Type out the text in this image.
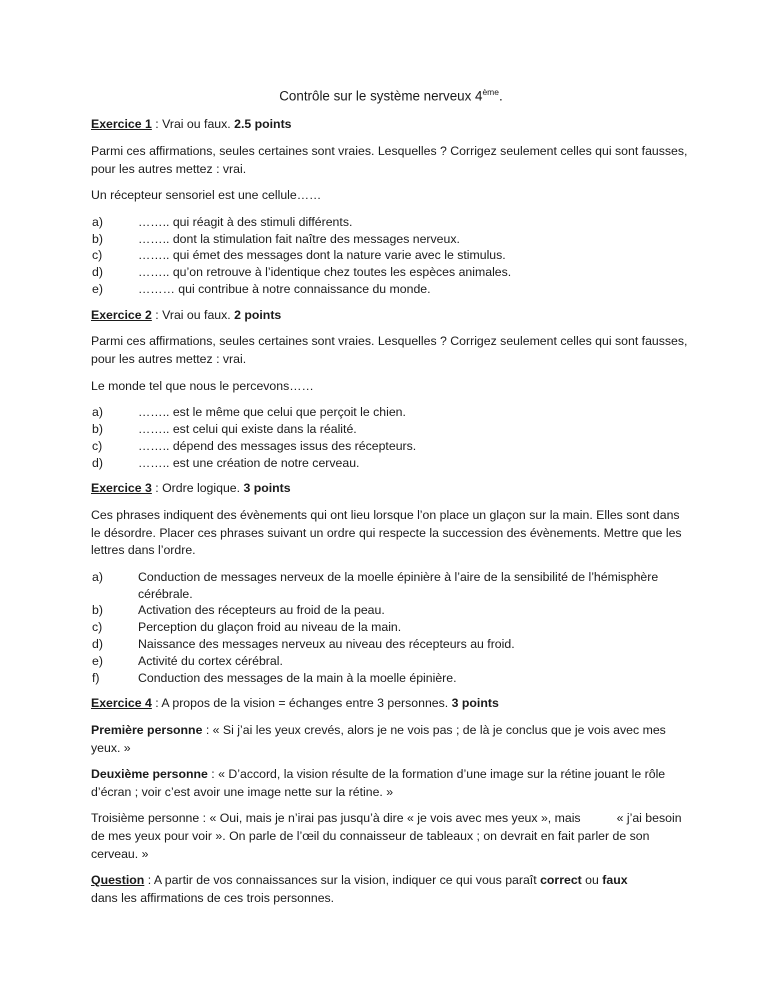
Contrôle sur le système nerveux 4ème.

Exercice 1 : Vrai ou faux. 2.5 points

Parmi ces affirmations, seules certaines sont vraies. Lesquelles ? Corrigez seulement celles qui sont fausses, pour les autres mettez : vrai.

Un récepteur sensoriel est une cellule……

a)	…….. qui réagit à des stimuli différents.
b)	…….. dont la stimulation fait naître des messages nerveux.
c)	…….. qui émet des messages dont la nature varie avec le stimulus.
d)	…….. qu’on retrouve à l’identique chez toutes les espèces animales.
e)	……… qui contribue à notre connaissance du monde.

Exercice 2 : Vrai ou faux. 2 points

Parmi ces affirmations, seules certaines sont vraies. Lesquelles ? Corrigez seulement celles qui sont fausses, pour les autres mettez : vrai.

Le monde tel que nous le percevons……

a)	…….. est le même que celui que perçoit le chien.
b)	…….. est celui qui existe dans la réalité.
c)	…….. dépend des messages issus des récepteurs.
d)	…….. est une création de notre cerveau.

Exercice 3 : Ordre logique. 3 points

Ces phrases indiquent des évènements qui ont lieu lorsque l’on place un glaçon sur la main. Elles sont dans le désordre. Placer ces phrases suivant un ordre qui respecte la succession des évènements. Mettre que les lettres dans l’ordre.

a)	Conduction de messages nerveux de la moelle épinière à l’aire de la sensibilité de l’hémisphère cérébrale.
b)	Activation des récepteurs au froid de la peau.
c)	Perception du glaçon froid au niveau de la main.
d)	Naissance des messages nerveux au niveau des récepteurs au froid.
e)	Activité du cortex cérébral.
f)	Conduction des messages de la main à la moelle épinière.

Exercice 4 : A propos de la vision = échanges entre 3 personnes. 3 points

Première personne : « Si j’ai les yeux crevés, alors je ne vois pas ; de là je conclus que je vois avec mes yeux. »

Deuxième personne : « D’accord, la vision résulte de la formation d’une image sur la rétine jouant le rôle d’écran ; voir c’est avoir une image nette sur la rétine. »

Troisième personne : « Oui, mais je n’irai pas jusqu’à dire « je vois avec mes yeux », mais	« j’ai besoin de mes yeux pour voir ». On parle de l’œil du connaisseur de tableaux ; on devrait en fait parler de son cerveau. »

Question : A partir de vos connaissances sur la vision, indiquer ce qui vous paraît correct ou faux
dans les affirmations de ces trois personnes.
